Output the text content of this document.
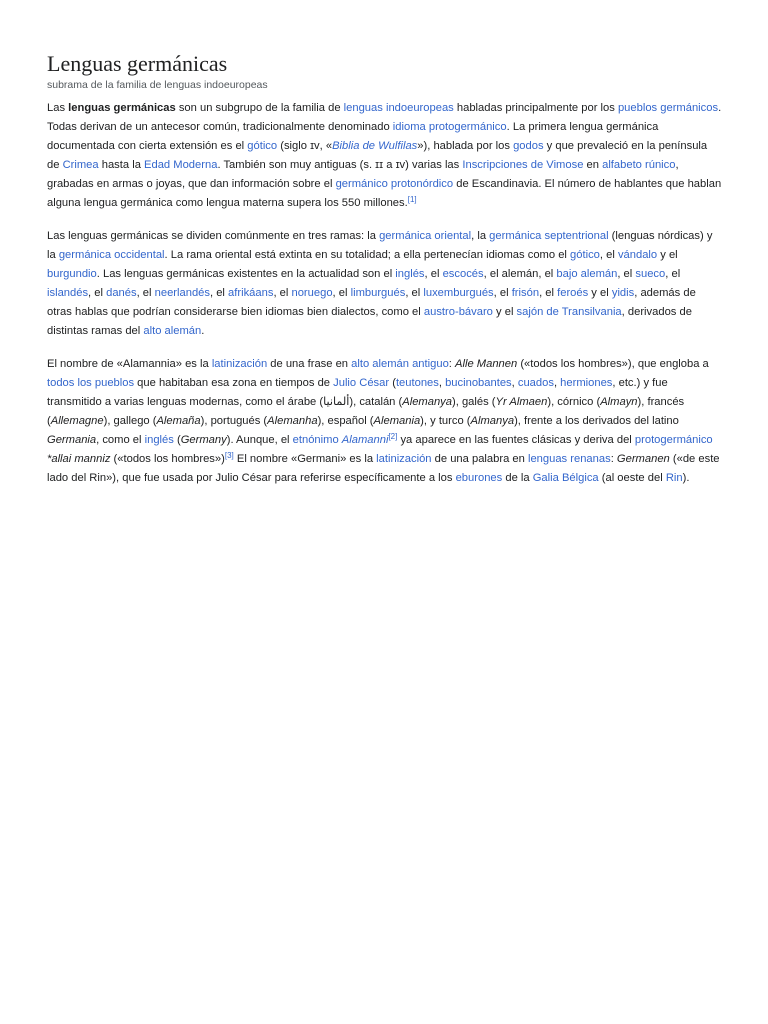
Lenguas germánicas
subrama de la familia de lenguas indoeuropeas

Las lenguas germánicas son un subgrupo de la familia de lenguas indoeuropeas habladas principalmente por los pueblos germánicos. Todas derivan de un antecesor común, tradicionalmente denominado idioma protogermánico. La primera lengua germánica documentada con cierta extensión es el gótico (siglo ɪᴠ, «Biblia de Wulfilas»), hablada por los godos y que prevaleció en la península de Crimea hasta la Edad Moderna. También son muy antiguas (s. ɪɪ a ɪᴠ) varias las Inscripciones de Vimose en alfabeto rúnico, grabadas en armas o joyas, que dan información sobre el germánico protonórdico de Escandinavia. El número de hablantes que hablan alguna lengua germánica como lengua materna supera los 550 millones.[1]

Las lenguas germánicas se dividen comúnmente en tres ramas: la germánica oriental, la germánica septentrional (lenguas nórdicas) y la germánica occidental. La rama oriental está extinta en su totalidad; a ella pertenecían idiomas como el gótico, el vándalo y el burgundio. Las lenguas germánicas existentes en la actualidad son el inglés, el escocés, el alemán, el bajo alemán, el sueco, el islandés, el danés, el neerlandés, el afrikáans, el noruego, el limburgués, el luxemburgués, el frisón, el feroés y el yidis, además de otras hablas que podrían considerarse bien idiomas bien dialectos, como el austro-bávaro y el sajón de Transilvania, derivados de distintas ramas del alto alemán.

El nombre de «Alamannia» es la latinización de una frase en alto alemán antiguo: Alle Mannen («todos los hombres»), que engloba a todos los pueblos que habitaban esa zona en tiempos de Julio César (teutones, bucinobantes, cuados, hermiones, etc.) y fue transmitido a varias lenguas modernas, como el árabe (ألمانيا), catalán (Alemanya), galés (Yr Almaen), córnico (Almayn), francés (Allemagne), gallego (Alemaña), portugués (Alemanha), español (Alemania), y turco (Almanya), frente a los derivados del latino Germania, como el inglés (Germany). Aunque, el etnónimo Alamanni[2] ya aparece en las fuentes clásicas y deriva del protogermánico *allai manniz («todos los hombres»)[3] El nombre «Germani» es la latinización de una palabra en lenguas renanas: Germanen («de este lado del Rin»), que fue usada por Julio César para referirse específicamente a los eburones de la Galia Bélgica (al oeste del Rin).
